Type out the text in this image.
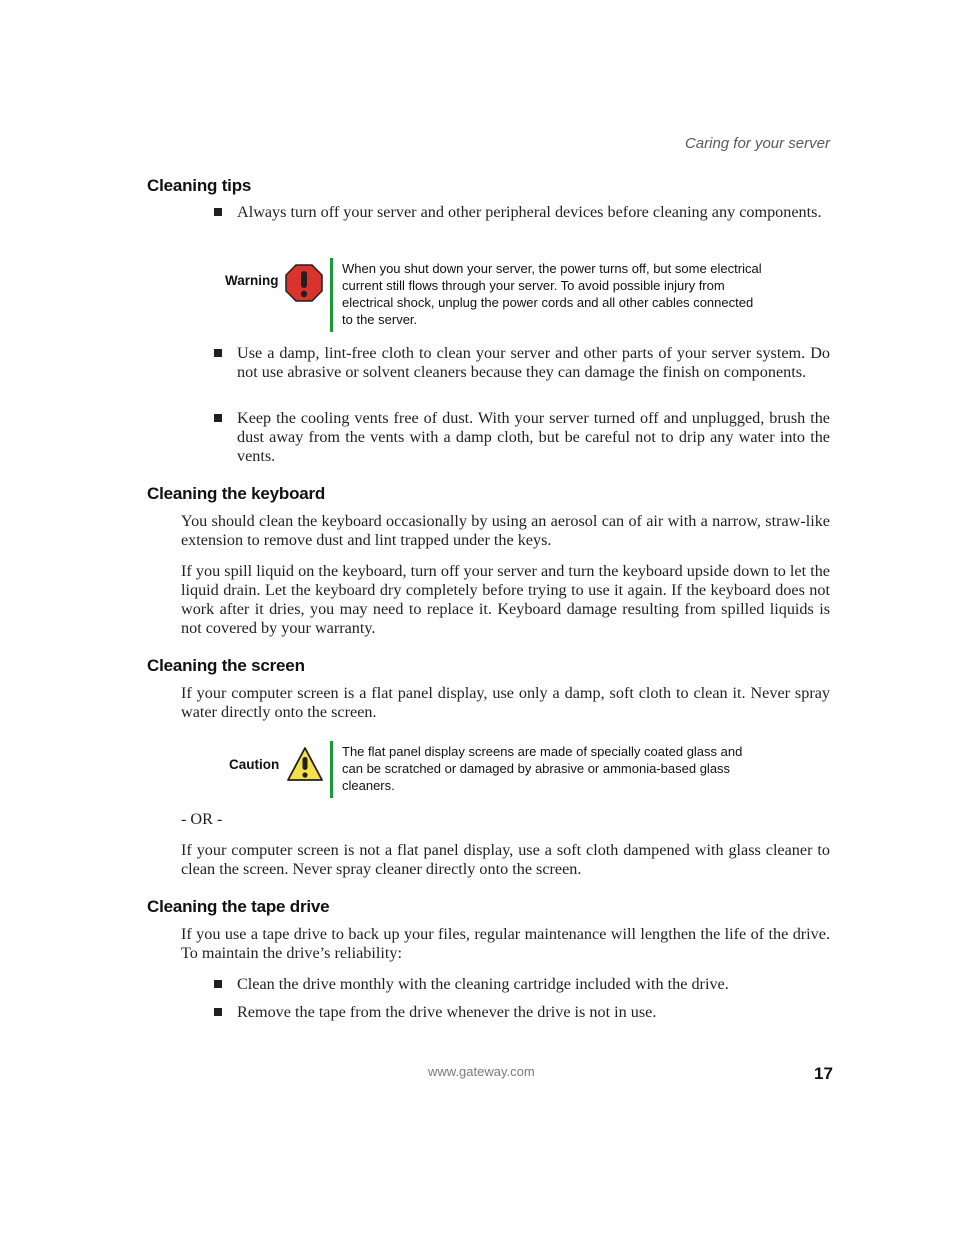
Caring for your server
Cleaning tips
Always turn off your server and other peripheral devices before cleaning any components.
Warning
When you shut down your server, the power turns off, but some electrical current still flows through your server. To avoid possible injury from electrical shock, unplug the power cords and all other cables connected to the server.
Use a damp, lint-free cloth to clean your server and other parts of your server system. Do not use abrasive or solvent cleaners because they can damage the finish on components.
Keep the cooling vents free of dust. With your server turned off and unplugged, brush the dust away from the vents with a damp cloth, but be careful not to drip any water into the vents.
Cleaning the keyboard
You should clean the keyboard occasionally by using an aerosol can of air with a narrow, straw-like extension to remove dust and lint trapped under the keys.
If you spill liquid on the keyboard, turn off your server and turn the keyboard upside down to let the liquid drain. Let the keyboard dry completely before trying to use it again. If the keyboard does not work after it dries, you may need to replace it. Keyboard damage resulting from spilled liquids is not covered by your warranty.
Cleaning the screen
If your computer screen is a flat panel display, use only a damp, soft cloth to clean it. Never spray water directly onto the screen.
Caution
The flat panel display screens are made of specially coated glass and can be scratched or damaged by abrasive or ammonia-based glass cleaners.
- OR -
If your computer screen is not a flat panel display, use a soft cloth dampened with glass cleaner to clean the screen. Never spray cleaner directly onto the screen.
Cleaning the tape drive
If you use a tape drive to back up your files, regular maintenance will lengthen the life of the drive. To maintain the drive’s reliability:
Clean the drive monthly with the cleaning cartridge included with the drive.
Remove the tape from the drive whenever the drive is not in use.
www.gateway.com	17
